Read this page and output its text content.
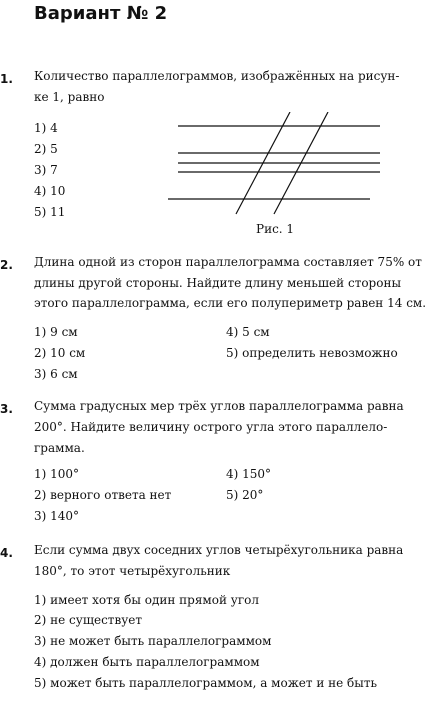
Вариант № 2
1. Количество параллелограммов, изображённых на рисун-
ке 1, равно
1) 4
2) 5
3) 7
4) 10
5) 11
Рис. 1
2. Длина одной из сторон параллелограмма составляет 75% от
длины другой стороны. Найдите длину меньшей стороны
этого параллелограмма, если его полупериметр равен 14 см.
1) 9 см
2) 10 см
3) 6 см
4) 5 см
5) определить невозможно
3. Сумма градусных мер трёх углов параллелограмма равна
200°. Найдите величину острого угла этого параллело-
грамма.
1) 100°
2) верного ответа нет
3) 140°
4) 150°
5) 20°
4. Если сумма двух соседних углов четырёхугольника равна
180°, то этот четырёхугольник
1) имеет хотя бы один прямой угол
2) не существует
3) не может быть параллелограммом
4) должен быть параллелограммом
5) может быть параллелограммом, а может и не быть
